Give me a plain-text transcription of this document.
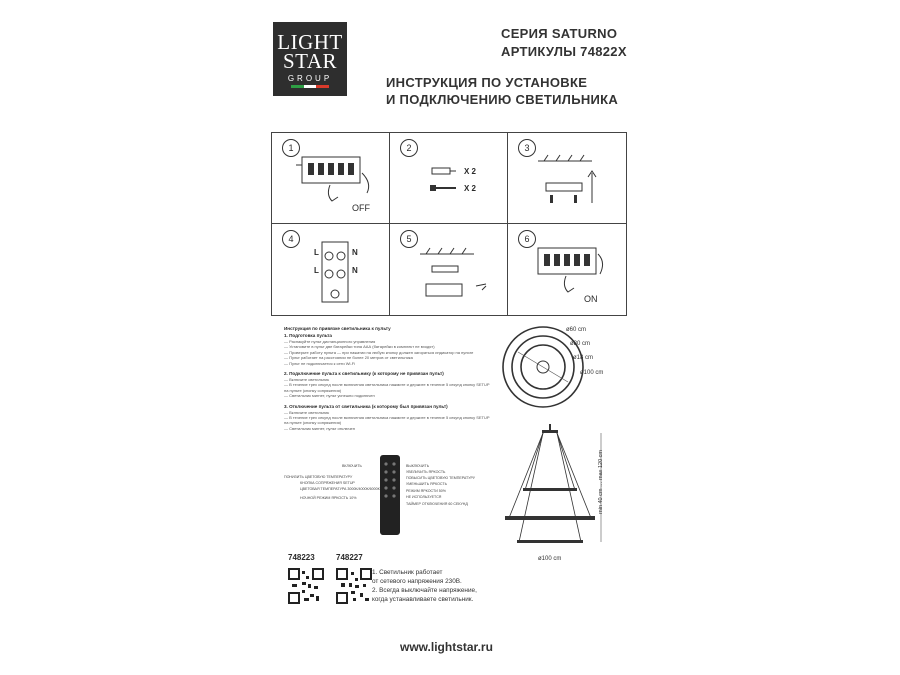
LIGHT
STAR
GROUP
СЕРИЯ SATURNO
АРТИКУЛЫ 74822X
ИНСТРУКЦИЯ ПО УСТАНОВКЕ
И ПОДКЛЮЧЕНИЮ СВЕТИЛЬНИКА
1
OFF
2
X 2
X 2
3
4
L	N
L	N
5	6
ON
Инструкция по привязке светильника к пульту
1. Подготовка пульта
— Распакуйте пульт дистанционного управления
— Установите в пульт две батарейки типа ААА (батарейки в комплект не входят)
— Проверьте работу пульта — при нажатии на любую кнопку должен загораться индикатор на пульте
— Пульт работает на расстоянии не более 20 метров от светильника
— Пульт не подключается к сети Wi-Fi
2. Подключение пульта к светильнику (к которому не привязан пульт)
— Включите светильник
— В течение трех секунд после включения светильника нажмите и держите в течение 5 секунд кнопку SETUP на пульте (кнопку сопряжения)
— Светильник мигнет, пульт успешно подключен
3. Отключение пульта от светильника (к которому был привязан пульт)
— Включите светильник
— В течение трех секунд после включения светильника нажмите и держите в течение 5 секунд кнопку SETUP на пульте (кнопку сопряжения)
— Светильник мигнет, пульт отключен
ВКЛЮЧИТЬ
ПОНИЗИТЬ ЦВЕТОВУЮ ТЕМПЕРАТУРУ
КНОПКА СОПРЯЖЕНИЯ SETUP
ЦВЕТОВАЯ ТЕМПЕРАТУРА 3000К/4000К/6000К
НОЧНОЙ РЕЖИМ ЯРКОСТЬ 10%
ВЫКЛЮЧИТЬ
УВЕЛИЧИТЬ ЯРКОСТЬ
ПОВЫСИТЬ ЦВЕТОВУЮ ТЕМПЕРАТУРУ
УМЕНЬШИТЬ ЯРКОСТЬ
РЕЖИМ ЯРКОСТИ 50%
НЕ ИСПОЛЬЗУЕТСЯ
ТАЙМЕР ОТКЛЮЧЕНИЯ 60 СЕКУНД
ø60 cm
ø80 cm
ø18 cm
ø100 cm
min 40 cm … max 120 cm
ø100 cm
748223	748227
1. Светильник работает
от сетевого напряжения 230В.
2. Всегда выключайте напряжение,
когда устанавливаете светильник.
www.lightstar.ru
